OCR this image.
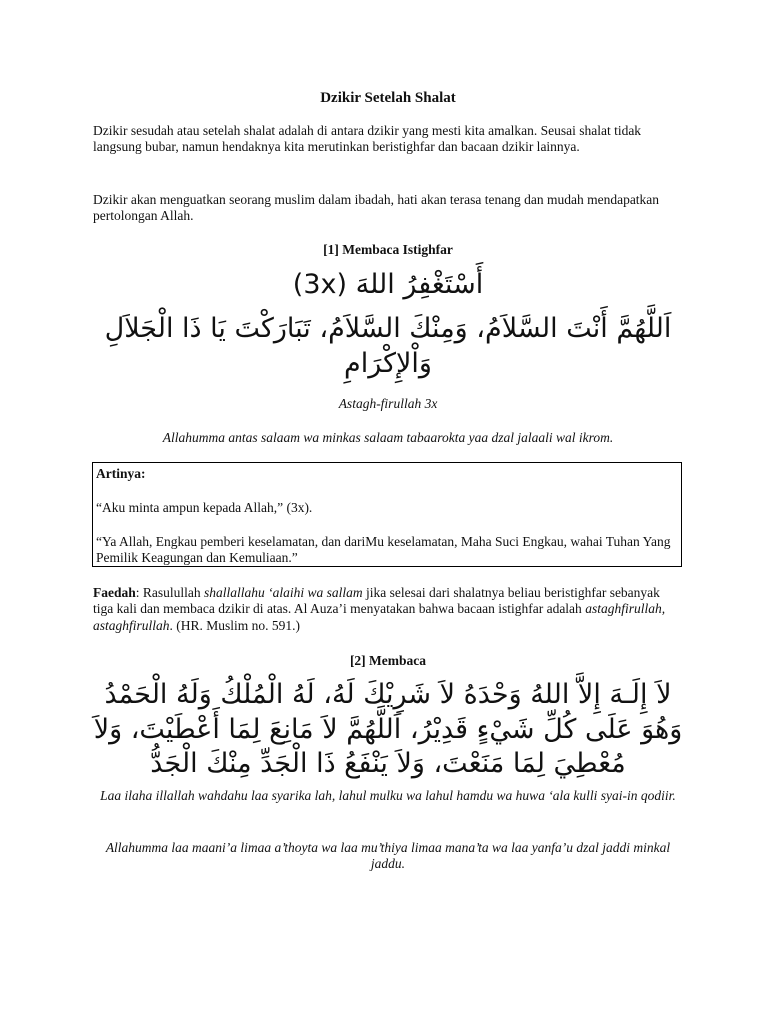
Dzikir Setelah Shalat

Dzikir sesudah atau setelah shalat adalah di antara dzikir yang mesti kita amalkan. Seusai shalat tidak langsung bubar, namun hendaknya kita merutinkan beristighfar dan bacaan dzikir lainnya.

Dzikir akan menguatkan seorang muslim dalam ibadah, hati akan terasa tenang dan mudah mendapatkan pertolongan Allah.

[1] Membaca Istighfar
أَسْتَغْفِرُ اللهَ (3x)
اَللَّهُمَّ أَنْتَ السَّلاَمُ، وَمِنْكَ السَّلاَمُ، تَبَارَكْتَ يَا ذَا الْجَلاَلِ وَاْلإِكْرَامِ
Astagh-firullah 3x
Allahumma antas salaam wa minkas salaam tabaarokta yaa dzal jalaali wal ikrom.
Artinya:
“Aku minta ampun kepada Allah,” (3x).
“Ya Allah, Engkau pemberi keselamatan, dan dariMu keselamatan, Maha Suci Engkau, wahai Tuhan Yang Pemilik Keagungan dan Kemuliaan.”

Faedah: Rasulullah shallallahu ‘alaihi wa sallam jika selesai dari shalatnya beliau beristighfar sebanyak tiga kali dan membaca dzikir di atas. Al Auza’i menyatakan bahwa bacaan istighfar adalah astaghfirullah, astaghfirullah. (HR. Muslim no. 591.)

[2] Membaca
لاَ إِلَـهَ إِلاَّ اللهُ وَحْدَهُ لاَ شَرِيْكَ لَهُ، لَهُ الْمُلْكُ وَلَهُ الْحَمْدُ وَهُوَ عَلَى كُلِّ شَيْءٍ قَدِيْرُ، اَللَّهُمَّ لاَ مَانِعَ لِمَا أَعْطَيْتَ، وَلاَ مُعْطِيَ لِمَا مَنَعْتَ، وَلاَ يَنْفَعُ ذَا الْجَدِّ مِنْكَ الْجَدُّ
Laa ilaha illallah wahdahu laa syarika lah, lahul mulku wa lahul hamdu wa huwa ‘ala kulli syai-in qodiir.
Allahumma laa maani’a limaa a’thoyta wa laa mu’thiya limaa mana’ta wa laa yanfa’u dzal jaddi minkal jaddu.
